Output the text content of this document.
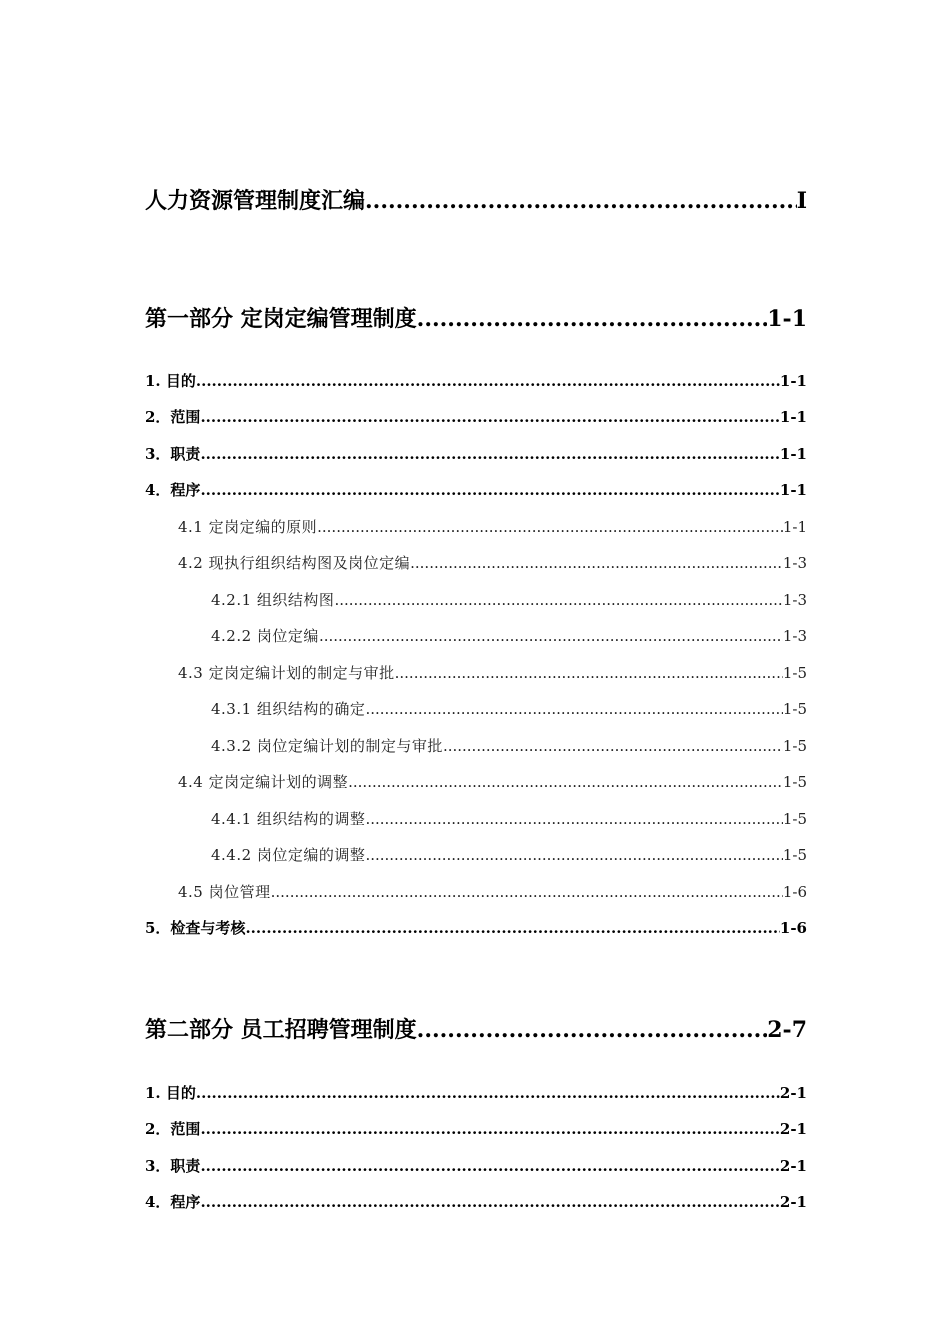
人力资源管理制度汇编 .....	I
第一部分 定岗定编管理制度 .....	1-1
1. 目的 .....	1-1
2．范围 .....	1-1
3．职责 .....	1-1
4．程序 .....	1-1
4.1 定岗定编的原则 .....	1-1
4.2 现执行组织结构图及岗位定编 .....	1-3
4.2.1 组织结构图 .....	1-3
4.2.2 岗位定编 .....	1-3
4.3 定岗定编计划的制定与审批 .....	1-5
4.3.1 组织结构的确定 .....	1-5
4.3.2 岗位定编计划的制定与审批 .....	1-5
4.4 定岗定编计划的调整 .....	1-5
4.4.1 组织结构的调整 .....	1-5
4.4.2 岗位定编的调整 .....	1-5
4.5 岗位管理 .....	1-6
5．检查与考核 .....	1-6
第二部分 员工招聘管理制度 .....	2-7
1. 目的 .....	2-1
2．范围 .....	2-1
3．职责 .....	2-1
4．程序 .....	2-1
